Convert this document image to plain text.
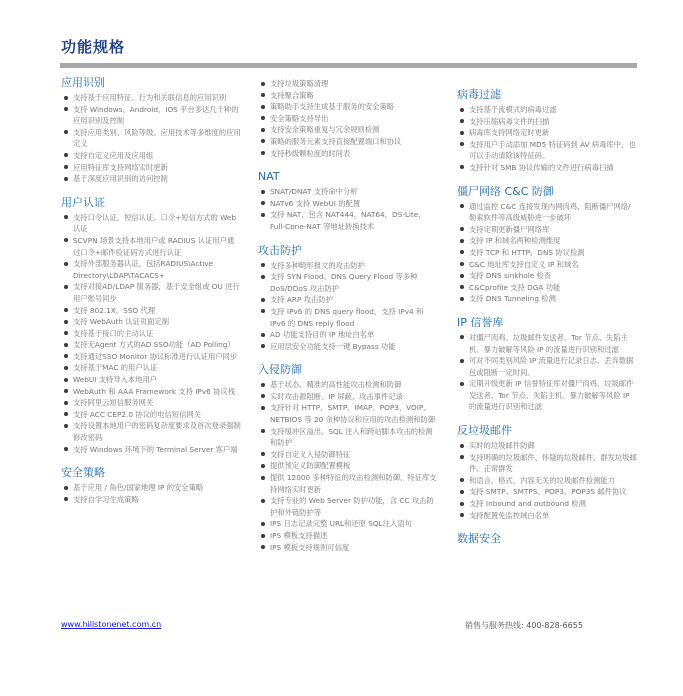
功能规格
应用识别
支持基于应用特征、行为和关联信息的应用识别
支持 Windows、Android、IOS 平台多达几千种的应用识别及控制
支持应用类别、风险等级、应用技术等多维度的应用定义
支持自定义应用及应用组
应用特征库支持网络实时更新
基于深度应用识别的访问控制
用户认证
支持口令认证、短信认证、口令+短信方式的 Web 认证
SCVPN 场景支持本地用户或 RADIUS 认证用户通过口令+邮件验证码方式进行认证
支持外部服务器认证，包括RADIUS\Active Directory\LDAP\TACACS+
支持对接AD/LDAP 服务器，基于安全组或 OU 进行用户账号同步
支持 802.1X、SSO 代理
支持 WebAuth 认证页面定制
支持基于接口的主动认证
支持无Agent 方式的AD SSO功能（AD Polling）
支持通过SSO Monitor 协议标准进行认证用户同步
支持基于MAC 的用户认证
WebUI 支持导入本地用户
WebAuth 和 AAA Framework 支持 IPv6 协议栈
支持阿里云短信服务网关
支持 ACC CEP2.0 协议的电信短信网关
支持设置本地用户的密码复杂度要求及首次登录强制修改密码
支持 Windows 环境下的 Terminal Server 客户端
安全策略
基于应用 / 角色/国家地理 IP 的安全策略
支持自学习生成策略
支持垃圾策略清理
支持聚合策略
策略助手支持生成基于服务的安全策略
安全策略支持导出
支持安全策略重复与冗余规则检测
策略的服务元素支持直接配置端口和协议
支持秒级颗粒度的时间表
NAT
SNAT/DNAT 支持命中分析
NATv6 支持 WebUI 的配置
支持 NAT，包含 NAT444，NAT64，DS-Lite，Full-Cone-NAT 等地址转换技术
攻击防护
支持多种畸形报文的攻击防护
支持 SYN Flood、DNS Query Flood 等多种 DoS/DDoS 攻击防护
支持 ARP 攻击防护
支持 IPv6 的 DNS query flood，支持 IPv4 和 IPv6 的 DNS reply flood
AD 功能支持目的 IP 地址白名单
应用层安全功能支持一键 Bypass 功能
入侵防御
基于状态、精准的高性能攻击检测和防御
实时攻击源阻断、IP 屏蔽、攻击事件记录
支持针对 HTTP、SMTP、IMAP、POP3、VOIP、NETBIOS 等 20 余种协议和应用的攻击检测和防御
支持缓冲区溢出、SQL 注入和跨站脚本攻击的检测和防护
支持自定义入侵防御特征
提供预定义防御配置模板
提供 12000 多种特征的攻击检测和防御，特征库支持网络实时更新
支持专业的 Web Server 防护功能，含 CC 攻击防护和外链防护等
IPS 日志记录完整 URL和还原 SQL注入语句
IPS 模板支持描述
IPS 模板支持规则可信度
病毒过滤
支持基于流模式的病毒过滤
支持压缩病毒文件的扫描
病毒库支持网络定时更新
支持用户手动添加 MD5 特征码到 AV 病毒库中，也可以手动清除该特征码。
支持针对 SMB 协议传输的文件进行病毒扫描
僵尸网络 C&C 防御
通过监控 C&C 连接发现内网肉鸡，阻断僵尸网络/勒索软件等高级威胁进一步破坏
支持定期更新僵尸网络库
支持 IP 和域名两种检测维度
支持 TCP 和 HTTP、DNS 协议检测
C&C 地址库支持自定义 IP 和域名
支持 DNS sinkhole 检查
C&Cprofile 支持 DGA 功能
支持 DNS Tunneling 检测
IP 信誉库
对僵尸肉鸡、垃圾邮件发送者、Tor 节点、失陷主机、暴力破解等风险 IP 的流量进行识别和过滤
可对不同类别风险 IP 流量进行记录日志、丢弃数据包或阻断一定时间。
定期升级更新 IP 信誉特征库对僵尸肉鸡、垃圾邮件发送者、Tor 节点、失陷主机、暴力破解等风险 IP 的流量进行识别和过滤
反垃圾邮件
实时的垃圾邮件防御
支持明确的垃圾邮件、怀疑的垃圾邮件、群发垃圾邮件、正常群发
和语言、格式、内容无关的垃圾邮件检测能力
支持 SMTP、SMTPS、POP3、POP3S 邮件协议
支持 Inbound and outbound 检测
支持配置免监控域白名单
数据安全
www.hillstonenet.com.cn	销售与服务热线: 400-828-6655
